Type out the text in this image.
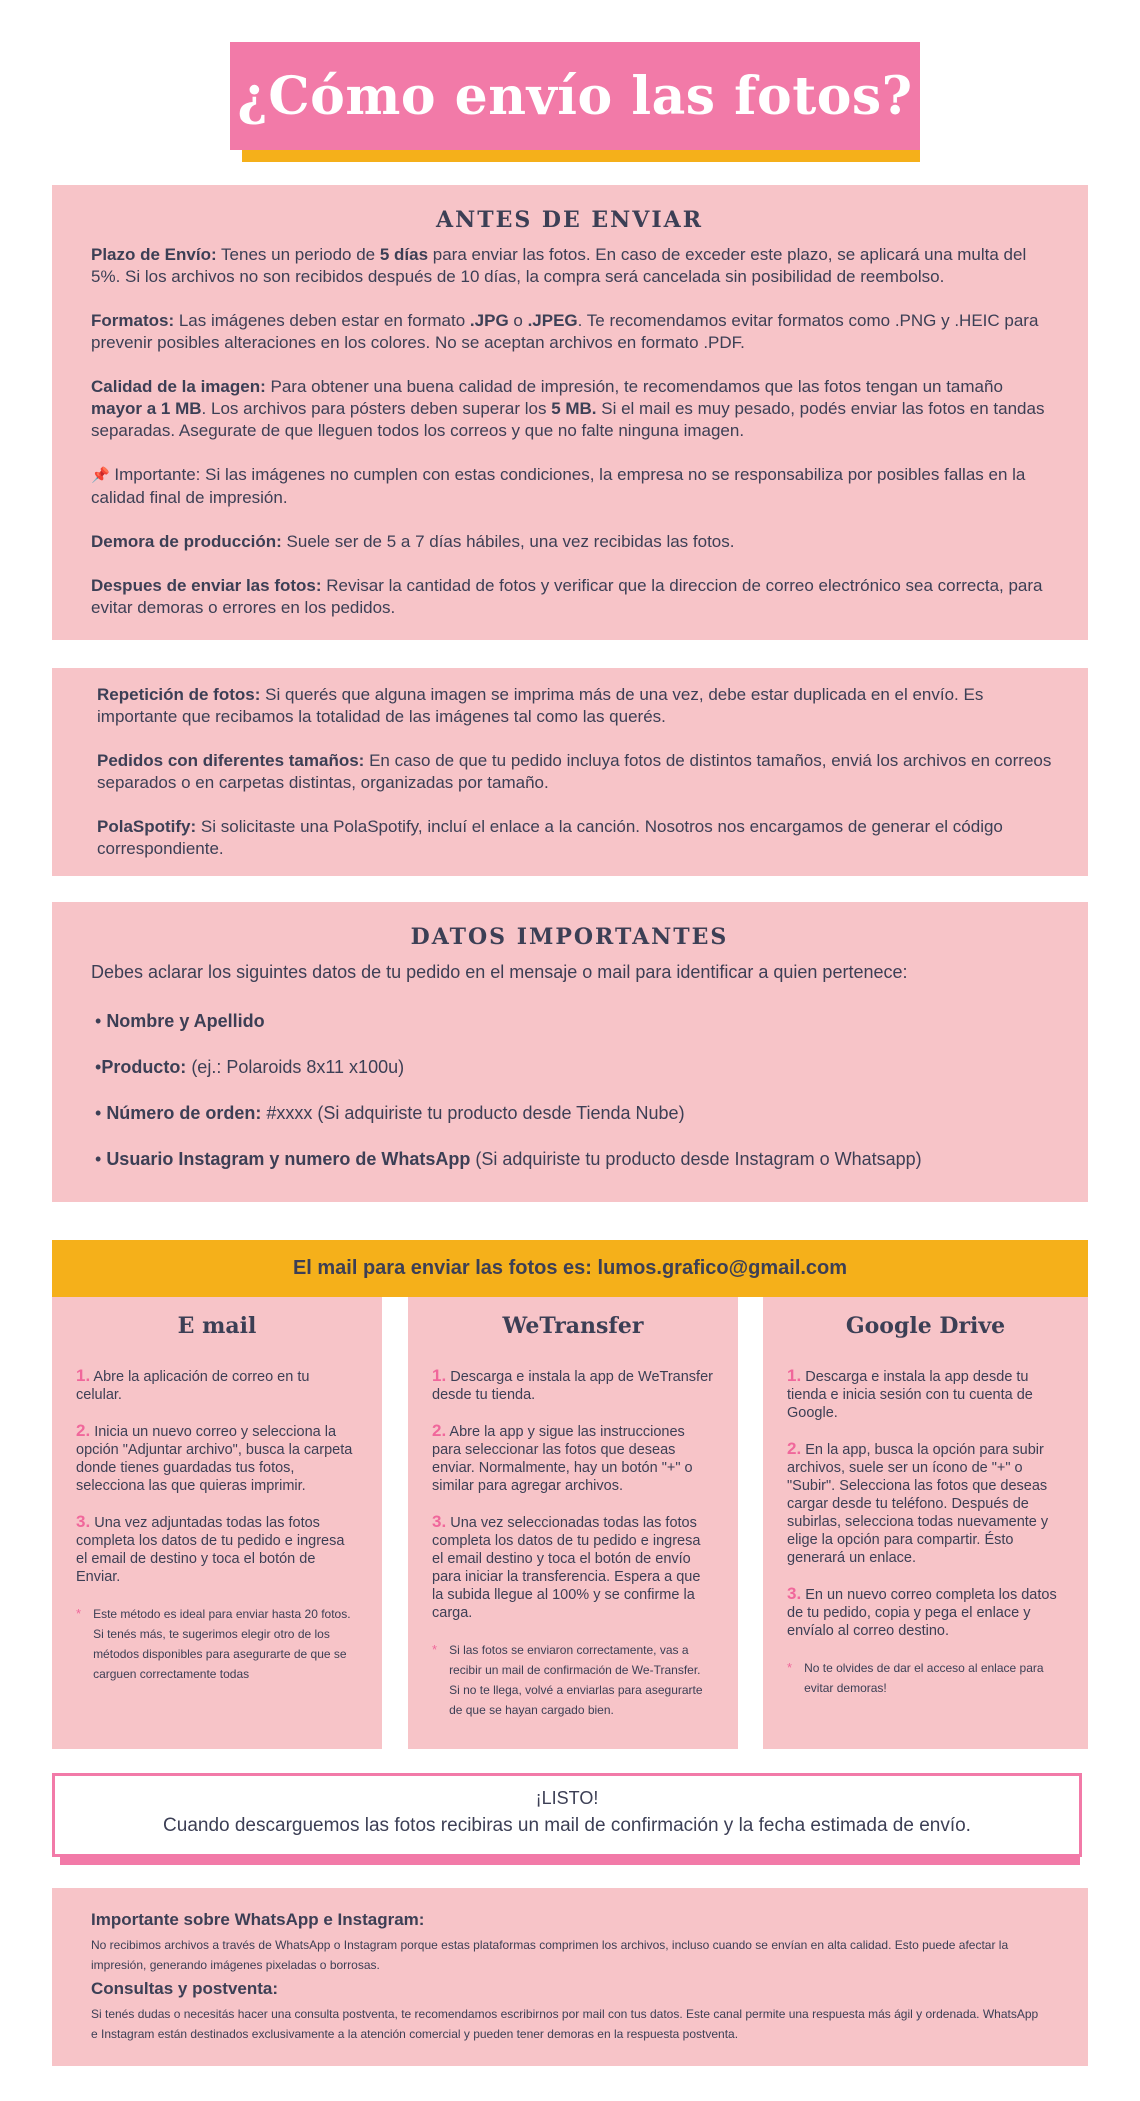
¿Cómo envío las fotos?
ANTES DE ENVIAR

Plazo de Envío: Tenes un periodo de 5 días para enviar las fotos. En caso de exceder este plazo, se aplicará una multa del 5%. Si los archivos no son recibidos después de 10 días, la compra será cancelada sin posibilidad de reembolso.

Formatos: Las imágenes deben estar en formato .JPG o .JPEG. Te recomendamos evitar formatos como .PNG y .HEIC para prevenir posibles alteraciones en los colores. No se aceptan archivos en formato .PDF.

Calidad de la imagen: Para obtener una buena calidad de impresión, te recomendamos que las fotos tengan un tamaño mayor a 1 MB. Los archivos para pósters deben superar los 5 MB. Si el mail es muy pesado, podés enviar las fotos en tandas separadas. Asegurate de que lleguen todos los correos y que no falte ninguna imagen.

📌 Importante: Si las imágenes no cumplen con estas condiciones, la empresa no se responsabiliza por posibles fallas en la calidad final de impresión.

Demora de producción: Suele ser de 5 a 7 días hábiles, una vez recibidas las fotos.

Despues de enviar las fotos: Revisar la cantidad de fotos y verificar que la direccion de correo electrónico sea correcta, para evitar demoras o errores en los pedidos.

Repetición de fotos: Si querés que alguna imagen se imprima más de una vez, debe estar duplicada en el envío. Es importante que recibamos la totalidad de las imágenes tal como las querés.

Pedidos con diferentes tamaños: En caso de que tu pedido incluya fotos de distintos tamaños, enviá los archivos en correos separados o en carpetas distintas, organizadas por tamaño.

PolaSpotify: Si solicitaste una PolaSpotify, incluí el enlace a la canción. Nosotros nos encargamos de generar el código correspondiente.

DATOS IMPORTANTES

Debes aclarar los siguintes datos de tu pedido en el mensaje o mail para identificar a quien pertenece:

• Nombre y Apellido

•Producto: (ej.: Polaroids 8x11 x100u)

• Número de orden: #xxxx (Si adquiriste tu producto desde Tienda Nube)

• Usuario Instagram y numero de WhatsApp (Si adquiriste tu producto desde Instagram o Whatsapp)

El mail para enviar las fotos es: lumos.grafico@gmail.com
E mail

1. Abre la aplicación de correo en tu celular.

2. Inicia un nuevo correo y selecciona la opción "Adjuntar archivo", busca la carpeta donde tienes guardadas tus fotos, selecciona las que quieras imprimir.

3. Una vez adjuntadas todas las fotos completa los datos de tu pedido e ingresa el email de destino y toca el botón de Enviar.

* Este método es ideal para enviar hasta 20 fotos. Si tenés más, te sugerimos elegir otro de los métodos disponibles para asegurarte de que se carguen correctamente todas
WeTransfer

1. Descarga e instala la app de WeTransfer desde tu tienda.

2. Abre la app y sigue las instrucciones para seleccionar las fotos que deseas enviar. Normalmente, hay un botón "+" o similar para agregar archivos.

3. Una vez seleccionadas todas las fotos completa los datos de tu pedido e ingresa el email destino y toca el botón de envío para iniciar la transferencia. Espera a que la subida llegue al 100% y se confirme la carga.

* Si las fotos se enviaron correctamente, vas a recibir un mail de confirmación de We-Transfer. Si no te llega, volvé a enviarlas para asegurarte de que se hayan cargado bien.
Google Drive

1. Descarga e instala la app desde tu tienda e inicia sesión con tu cuenta de Google.

2. En la app, busca la opción para subir archivos, suele ser un ícono de "+" o "Subir". Selecciona las fotos que deseas cargar desde tu teléfono. Después de subirlas, selecciona todas nuevamente y elige la opción para compartir. Ésto generará un enlace.

3. En un nuevo correo completa los datos de tu pedido, copia y pega el enlace y envíalo al correo destino.

* No te olvides de dar el acceso al enlace para evitar demoras!

¡LISTO!

Cuando descarguemos las fotos recibiras un mail de confirmación y la fecha estimada de envío.

Importante sobre WhatsApp e Instagram:

No recibimos archivos a través de WhatsApp o Instagram porque estas plataformas comprimen los archivos, incluso cuando se envían en alta calidad. Esto puede afectar la impresión, generando imágenes pixeladas o borrosas.

Consultas y postventa:

Si tenés dudas o necesitás hacer una consulta postventa, te recomendamos escribirnos por mail con tus datos. Este canal permite una respuesta más ágil y ordenada. WhatsApp e Instagram están destinados exclusivamente a la atención comercial y pueden tener demoras en la respuesta postventa.
